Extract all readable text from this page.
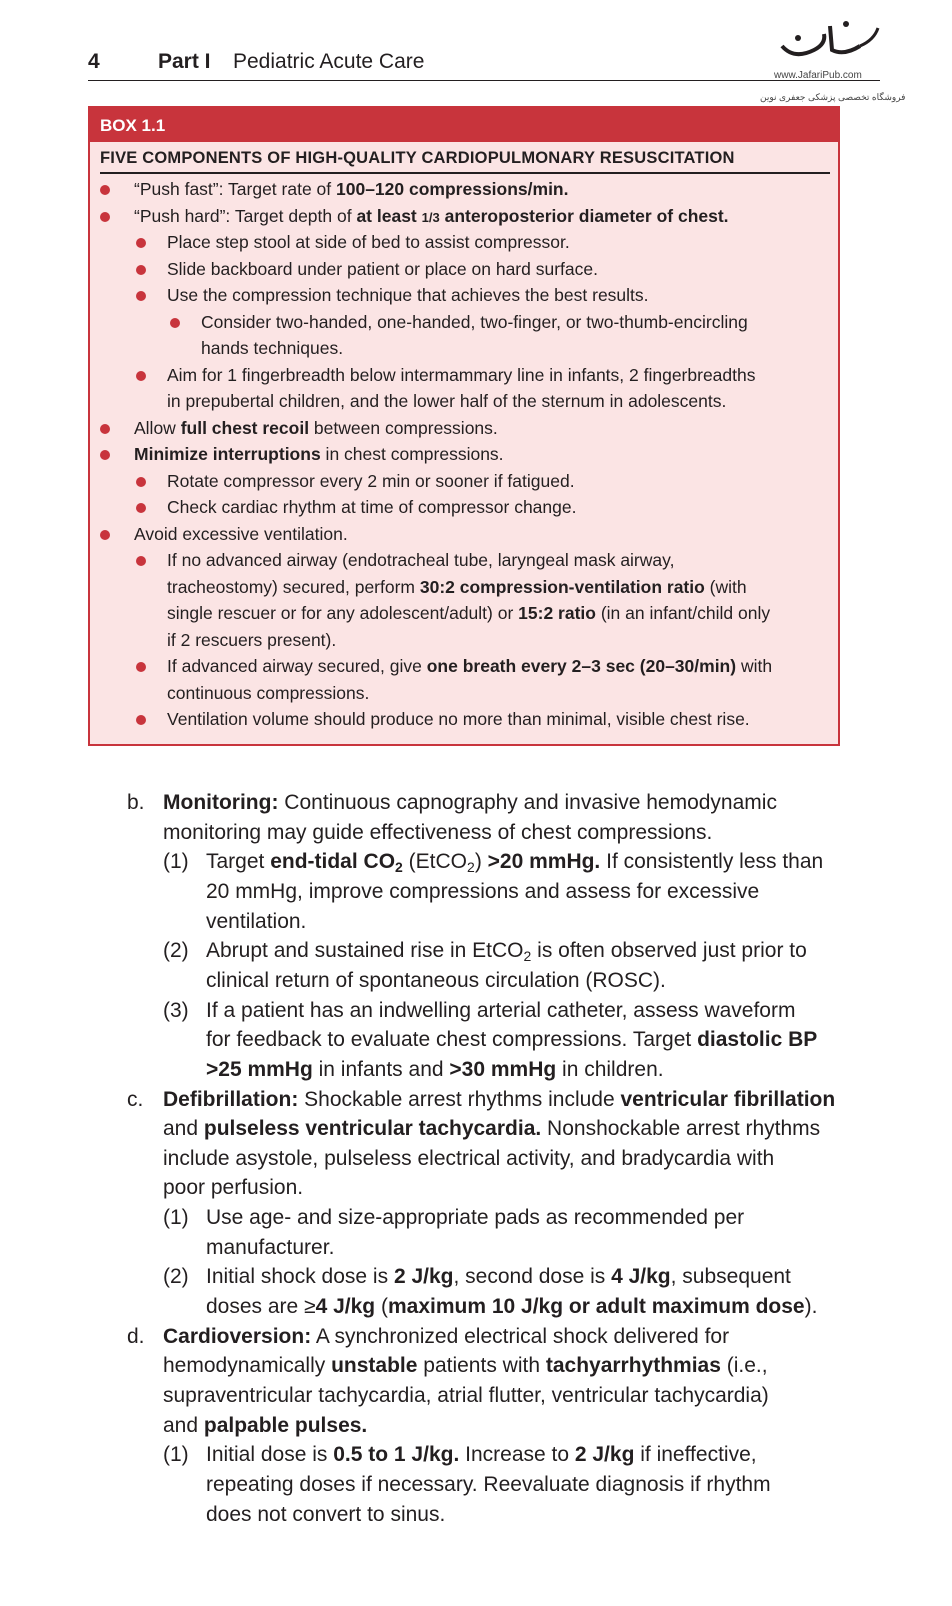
4	Part I Pediatric Acute Care
www.JafariPub.com
فروشگاه تخصصی پزشکی جعفری نوین
BOX 1.1
FIVE COMPONENTS OF HIGH-QUALITY CARDIOPULMONARY RESUSCITATION
“Push fast”: Target rate of 100–120 compressions/min.
“Push hard”: Target depth of at least 1/3 anteroposterior diameter of chest.
Place step stool at side of bed to assist compressor.
Slide backboard under patient or place on hard surface.
Use the compression technique that achieves the best results.
Consider two-handed, one-handed, two-finger, or two-thumb-encircling
hands techniques.
Aim for 1 fingerbreadth below intermammary line in infants, 2 fingerbreadths
in prepubertal children, and the lower half of the sternum in adolescents.
Allow full chest recoil between compressions.
Minimize interruptions in chest compressions.
Rotate compressor every 2 min or sooner if fatigued.
Check cardiac rhythm at time of compressor change.
Avoid excessive ventilation.
If no advanced airway (endotracheal tube, laryngeal mask airway,
tracheostomy) secured, perform 30:2 compression-ventilation ratio (with
single rescuer or for any adolescent/adult) or 15:2 ratio (in an infant/child only
if 2 rescuers present).
If advanced airway secured, give one breath every 2–3 sec (20–30/min) with
continuous compressions.
Ventilation volume should produce no more than minimal, visible chest rise.
b. Monitoring: Continuous capnography and invasive hemodynamic
monitoring may guide effectiveness of chest compressions.
(1) Target end-tidal $CO_2$ (EtCO$_2$) >20 mmHg. If consistently less than
20 mmHg, improve compressions and assess for excessive
ventilation.
(2) Abrupt and sustained rise in EtCO$_2$ is often observed just prior to
clinical return of spontaneous circulation (ROSC).
(3) If a patient has an indwelling arterial catheter, assess waveform
for feedback to evaluate chest compressions. Target diastolic BP
>25 mmHg in infants and >30 mmHg in children.
c. Defibrillation: Shockable arrest rhythms include ventricular fibrillation
and pulseless ventricular tachycardia. Nonshockable arrest rhythms
include asystole, pulseless electrical activity, and bradycardia with
poor perfusion.
(1) Use age- and size-appropriate pads as recommended per
manufacturer.
(2) Initial shock dose is 2 J/kg, second dose is 4 J/kg, subsequent
doses are ≥4 J/kg (maximum 10 J/kg or adult maximum dose).
d. Cardioversion: A synchronized electrical shock delivered for
hemodynamically unstable patients with tachyarrhythmias (i.e.,
supraventricular tachycardia, atrial flutter, ventricular tachycardia)
and palpable pulses.
(1) Initial dose is 0.5 to 1 J/kg. Increase to 2 J/kg if ineffective,
repeating doses if necessary. Reevaluate diagnosis if rhythm
does not convert to sinus.
